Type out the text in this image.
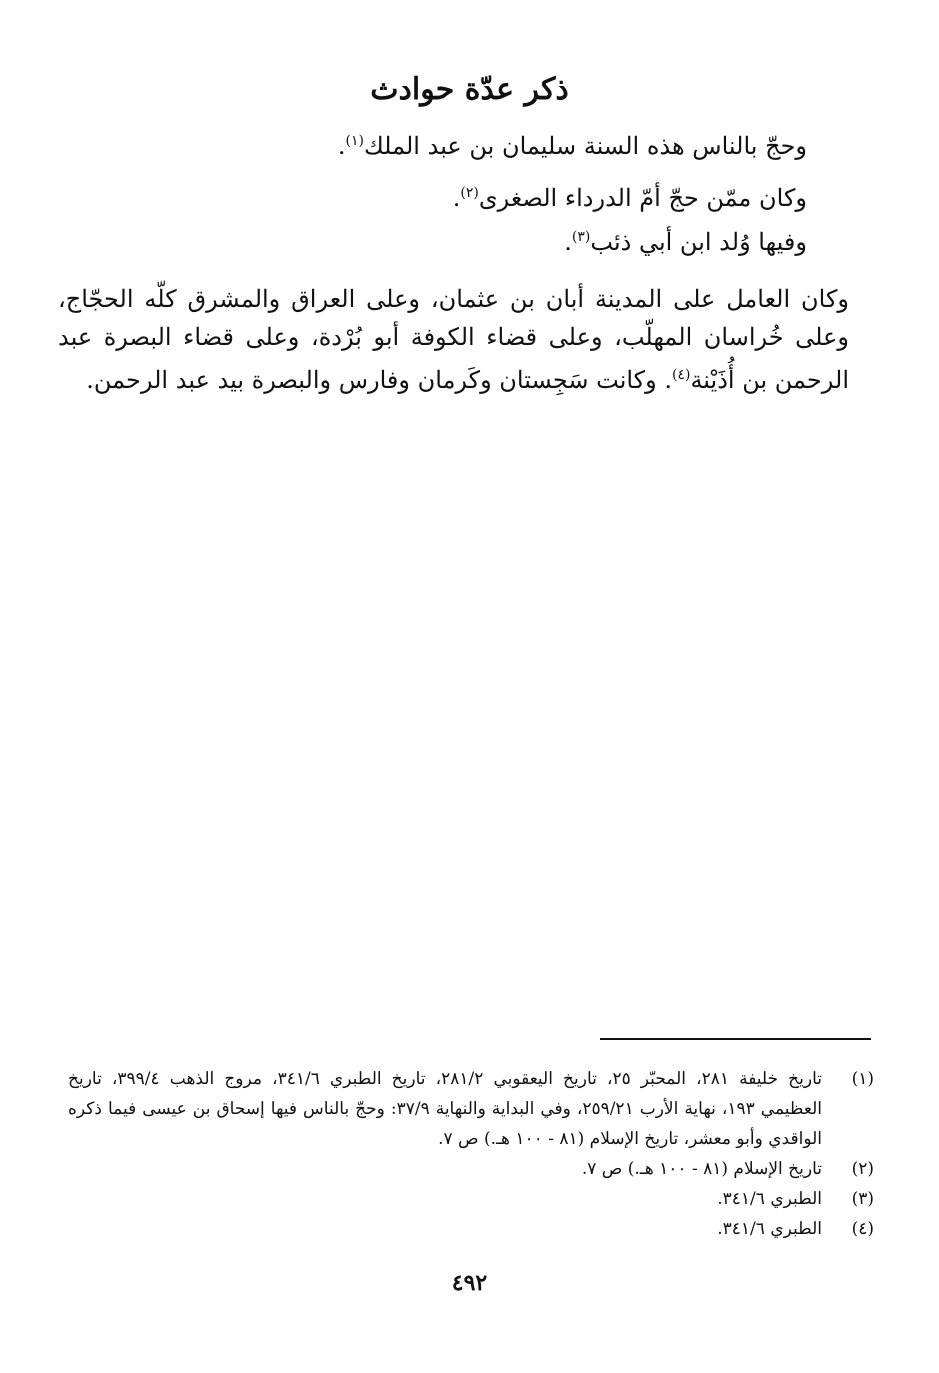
ذكر عدّة حوادث

وحجّ بالناس هذه السنة سليمان بن عبد الملك$^{(١)}$.

وكان ممّن حجّ أمّ الدرداء الصغرى$^{(٢)}$.

وفيها وُلد ابن أبي ذئب$^{(٣)}$.

وكان العامل على المدينة أبان بن عثمان، وعلى العراق والمشرق كلّه الحجّاج، وعلى خُراسان المهلّب، وعلى قضاء الكوفة أبو بُرْدة، وعلى قضاء البصرة عبد الرحمن بن أُذَيْنة$^{(٤)}$. وكانت سَجِستان وكَرمان وفارس والبصرة بيد عبد الرحمن.

(١)
تاريخ خليفة ٢٨١، المحبّر ٢٥، تاريخ اليعقوبي ٢٨١/٢، تاريخ الطبري ٣٤١/٦، مروج الذهب ٣٩٩/٤، تاريخ العظيمي ١٩٣، نهاية الأرب ٢٥٩/٢١، وفي البداية والنهاية ٣٧/٩: وحجّ بالناس فيها إسحاق بن عيسى فيما ذكره الواقدي وأبو معشر، تاريخ الإسلام (٨١ - ١٠٠ هـ.) ص ٧.
(٢)
تاريخ الإسلام (٨١ - ١٠٠ هـ.) ص ٧.
(٣)
الطبري ٣٤١/٦.
(٤)
الطبري ٣٤١/٦.
٤٩٢
